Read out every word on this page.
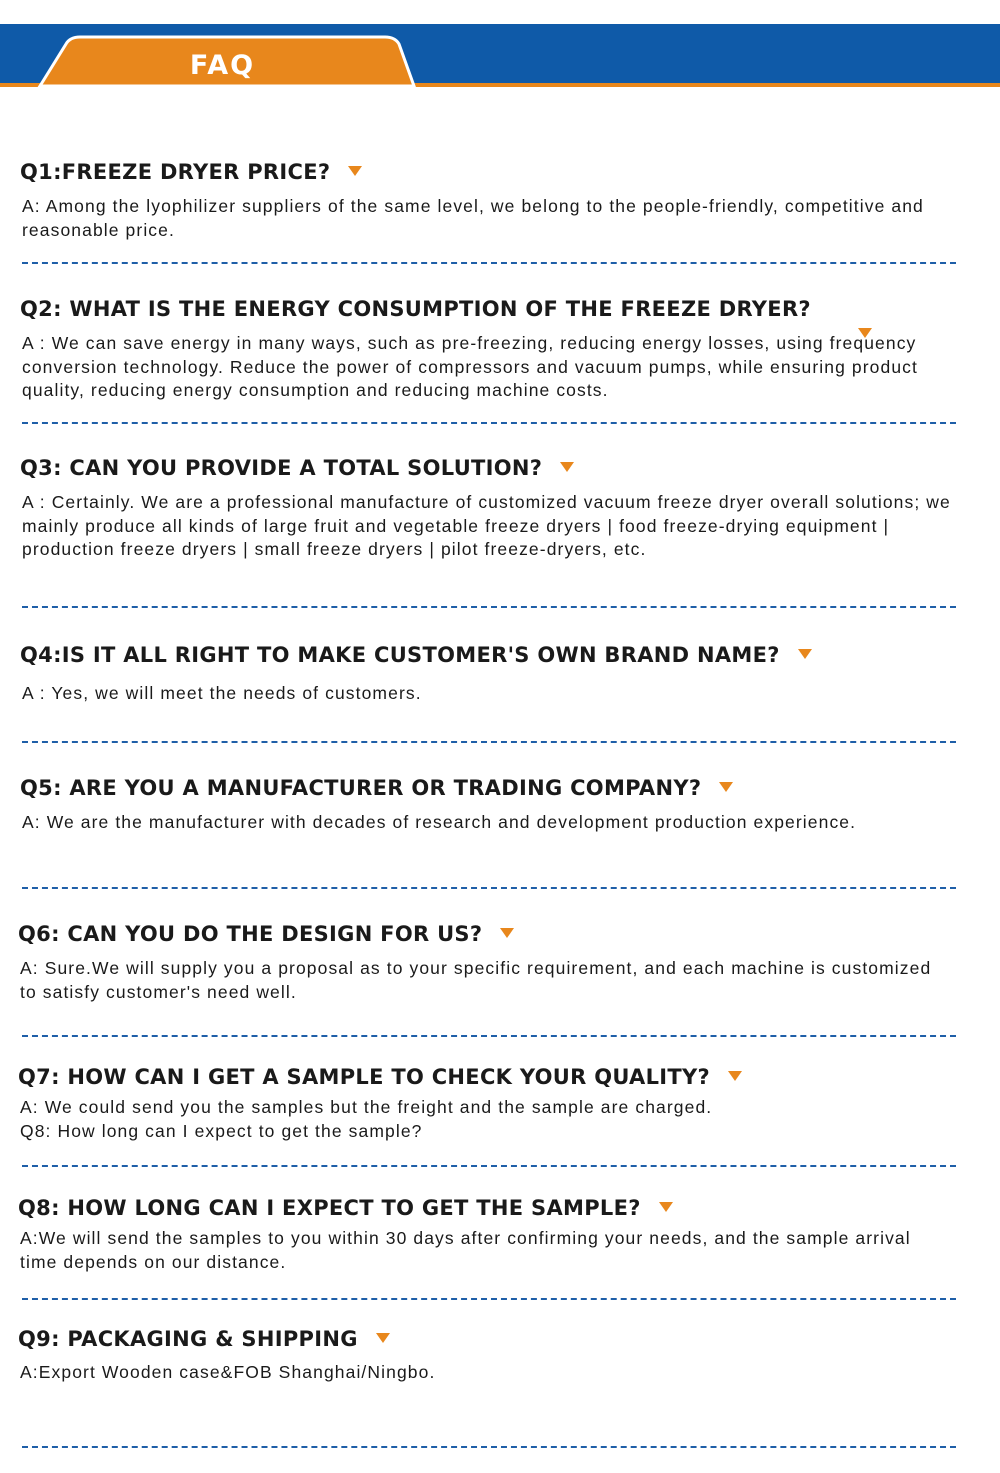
FAQ
Q1:FREEZE DRYER PRICE?

A: Among the lyophilizer suppliers of the same level, we belong to the people-friendly, competitive and reasonable price.

Q2: WHAT IS THE ENERGY CONSUMPTION OF THE FREEZE DRYER?

A : We can save energy in many ways, such as pre-freezing, reducing energy losses, using frequency conversion technology. Reduce the power of compressors and vacuum pumps, while ensuring product quality, reducing energy consumption and reducing machine costs.

Q3: CAN YOU PROVIDE A TOTAL SOLUTION?

A : Certainly. We are a professional manufacture of customized vacuum freeze dryer overall solutions; we mainly produce all kinds of large fruit and vegetable freeze dryers | food freeze-drying equipment | production freeze dryers | small freeze dryers | pilot freeze-dryers, etc.

Q4:IS IT ALL RIGHT TO MAKE CUSTOMER'S OWN BRAND NAME?

A : Yes, we will meet the needs of customers.

Q5: ARE YOU A MANUFACTURER OR TRADING COMPANY?

A: We are the manufacturer with decades of research and development production experience.

Q6: CAN YOU DO THE DESIGN FOR US?

A: Sure.We will supply you a proposal as to your specific requirement, and each machine is customized to satisfy customer's need well.

Q7: HOW CAN I GET A SAMPLE TO CHECK YOUR QUALITY?

A: We could send you the samples but the freight and the sample are charged.

Q8: How long can I expect to get the sample?

Q8: HOW LONG CAN I EXPECT TO GET THE SAMPLE?

A:We will send the samples to you within 30 days after confirming your needs, and the sample arrival time depends on our distance.

Q9: PACKAGING & SHIPPING

A:Export Wooden case&FOB Shanghai/Ningbo.
